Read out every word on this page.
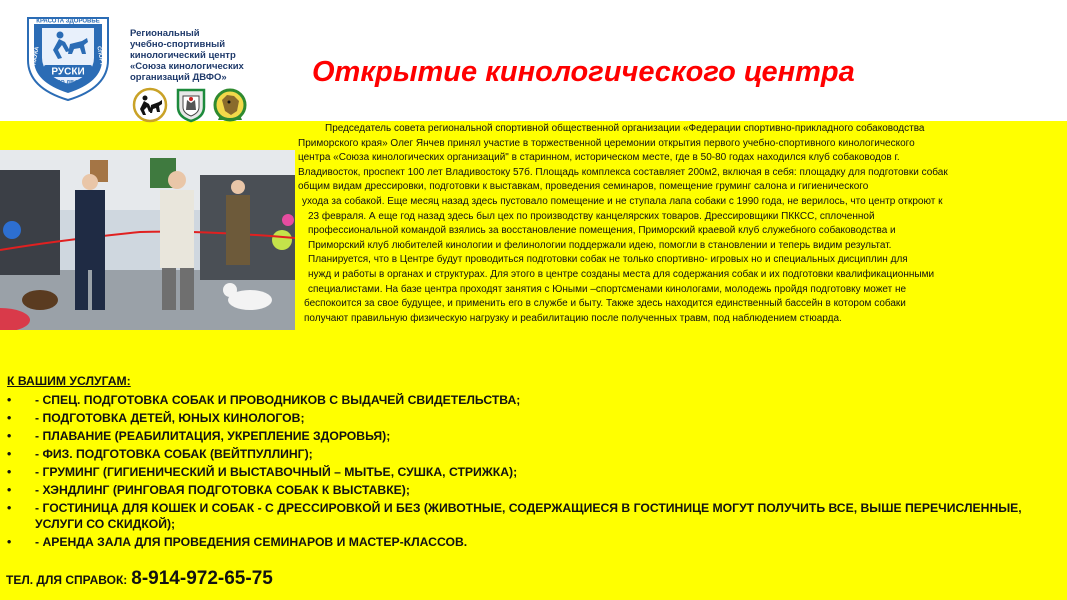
КРАСОТА ЗДОРОВЬЕ
НАУКА	СПОРТ
РУСКИ
СКО ДВФО
Региональный
учебно-спортивный
кинологический центр
«Союза кинологических
организаций ДВФО»	Открытие кинологического центра
Председатель совета региональной спортивной общественной организации «Федерации спортивно-прикладного собаководства
Приморского края» Олег Янчев принял участие в торжественной церемонии открытия первого учебно-спортивного кинологического
центра «Союза кинологических организаций" в старинном, историческом месте, где в 50-80 годах находился клуб собаководов г.
Владивосток, проспект 100 лет Владивостоку 57б. Площадь комплекса составляет 200м2, включая в себя: площадку для подготовки собак
общим видам дрессировки, подготовки к выставкам, проведения семинаров, помещение груминг салона и гигиенического
ухода за собакой. Еще месяц назад здесь пустовало помещение и не ступала лапа собаки с 1990 года, не верилось, что центр откроют к
23 февраля. А еще год назад здесь был цех по производству канцелярских товаров. Дрессировщики ПККСС, сплоченной
профессиональной командой взялись за восстановление помещения, Приморский краевой клуб служебного собаководства и
Приморский клуб любителей кинологии и фелинологии поддержали идею, помогли в становлении и теперь видим результат.
Планируется, что в Центре будут проводиться подготовки собак не только спортивно- игровых но и специальных дисциплин для
нужд и работы в органах и структурах. Для этого в центре созданы места для содержания собак и их подготовки квалификационными
специалистами. На базе центра проходят занятия с Юными –спортсменами кинологами, молодежь пройдя подготовку может не
беспокоится за свое будущее, и применить его в службе и быту. Также здесь находится единственный бассейн в котором собаки
получают правильную физическую нагрузку и реабилитацию после полученных травм, под наблюдением стюарда.
К ВАШИМ УСЛУГАМ:
• - СПЕЦ. ПОДГОТОВКА СОБАК И ПРОВОДНИКОВ С ВЫДАЧЕЙ СВИДЕТЕЛЬСТВА;
• - ПОДГОТОВКА ДЕТЕЙ, ЮНЫХ КИНОЛОГОВ;
• - ПЛАВАНИЕ (РЕАБИЛИТАЦИЯ, УКРЕПЛЕНИЕ ЗДОРОВЬЯ);
• - ФИЗ. ПОДГОТОВКА СОБАК (ВЕЙТПУЛЛИНГ);
• - ГРУМИНГ (ГИГИЕНИЧЕСКИЙ И ВЫСТАВОЧНЫЙ – МЫТЬЕ, СУШКА, СТРИЖКА);
• - ХЭНДЛИНГ (РИНГОВАЯ ПОДГОТОВКА СОБАК К ВЫСТАВКЕ);
• - ГОСТИНИЦА ДЛЯ КОШЕК И СОБАК - С ДРЕССИРОВКОЙ И БЕЗ (ЖИВОТНЫЕ, СОДЕРЖАЩИЕСЯ В ГОСТИНИЦЕ МОГУТ ПОЛУЧИТЬ ВСЕ, ВЫШЕ ПЕРЕЧИСЛЕННЫЕ, УСЛУГИ СО СКИДКОЙ);
• - АРЕНДА ЗАЛА ДЛЯ ПРОВЕДЕНИЯ СЕМИНАРОВ И МАСТЕР-КЛАССОВ.
ТЕЛ. ДЛЯ СПРАВОК: 8-914-972-65-75
